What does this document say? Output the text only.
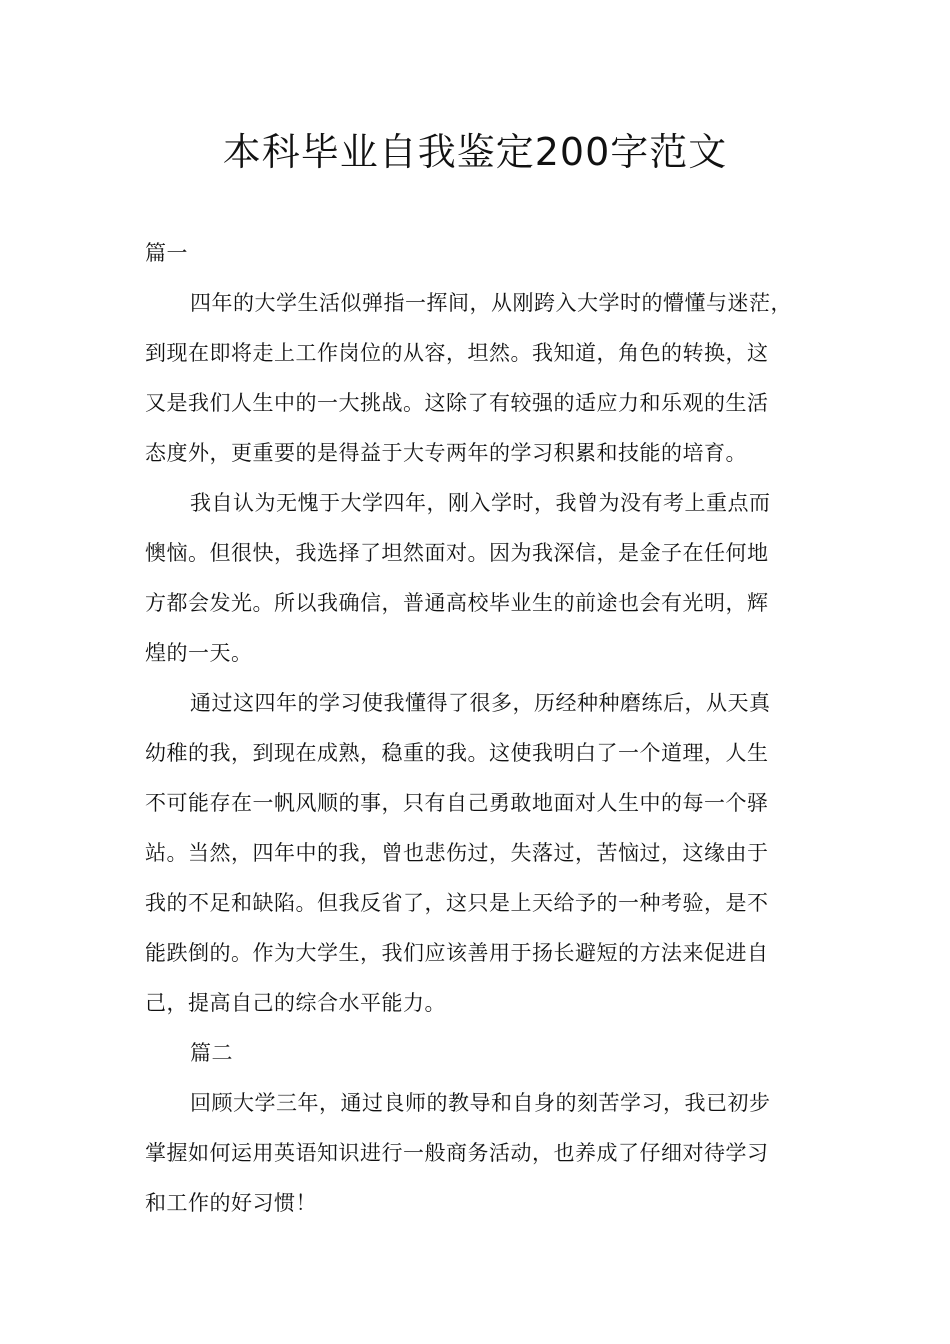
本科毕业自我鉴定200字范文
篇一
四年的大学生活似弹指一挥间，从刚跨入大学时的懵懂与迷茫，
到现在即将走上工作岗位的从容，坦然。我知道，角色的转换，这
又是我们人生中的一大挑战。这除了有较强的适应力和乐观的生活
态度外，更重要的是得益于大专两年的学习积累和技能的培育。
我自认为无愧于大学四年，刚入学时，我曾为没有考上重点而
懊恼。但很快，我选择了坦然面对。因为我深信，是金子在任何地
方都会发光。所以我确信，普通高校毕业生的前途也会有光明，辉
煌的一天。
通过这四年的学习使我懂得了很多，历经种种磨练后，从天真
幼稚的我，到现在成熟，稳重的我。这使我明白了一个道理，人生
不可能存在一帆风顺的事，只有自己勇敢地面对人生中的每一个驿
站。当然，四年中的我，曾也悲伤过，失落过，苦恼过，这缘由于
我的不足和缺陷。但我反省了，这只是上天给予的一种考验，是不
能跌倒的。作为大学生，我们应该善用于扬长避短的方法来促进自
己，提高自己的综合水平能力。
篇二
回顾大学三年，通过良师的教导和自身的刻苦学习，我已初步
掌握如何运用英语知识进行一般商务活动，也养成了仔细对待学习
和工作的好习惯！
